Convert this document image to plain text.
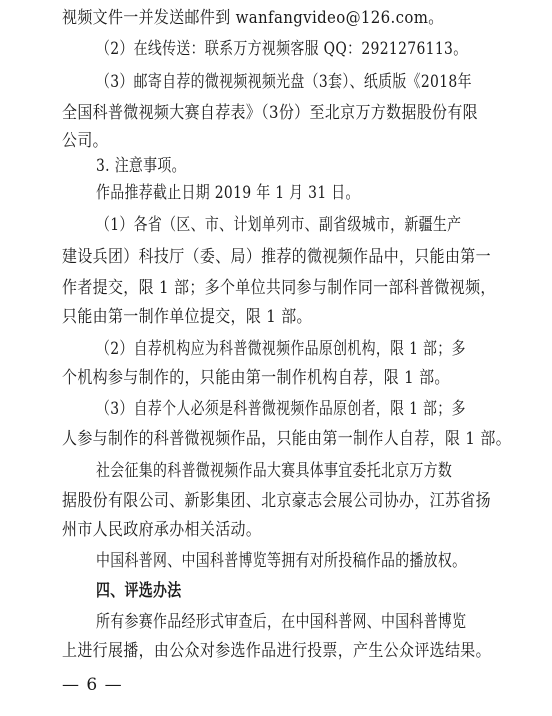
视频文件一并发送邮件到 wanfangvideo@126.com。
（2）在线传送：联系万方视频客服 QQ：2921276113。
（3）邮寄自荐的微视频视频光盘（3套）、纸质版《2018年
全国科普微视频大赛自荐表》（3份）至北京万方数据股份有限
公司。
3. 注意事项。
作品推荐截止日期 2019 年 1 月 31 日。
（1）各省（区、市、计划单列市、副省级城市，新疆生产
建设兵团）科技厅（委、局）推荐的微视频作品中，只能由第一
作者提交，限 1 部；多个单位共同参与制作同一部科普微视频，
只能由第一制作单位提交，限 1 部。
（2）自荐机构应为科普微视频作品原创机构，限 1 部；多
个机构参与制作的，只能由第一制作机构自荐，限 1 部。
（3）自荐个人必须是科普微视频作品原创者，限 1 部；多
人参与制作的科普微视频作品，只能由第一制作人自荐，限 1 部。
社会征集的科普微视频作品大赛具体事宜委托北京万方数
据股份有限公司、新影集团、北京豪志会展公司协办，江苏省扬
州市人民政府承办相关活动。
中国科普网、中国科普博览等拥有对所投稿作品的播放权。
四、评选办法
所有参赛作品经形式审查后，在中国科普网、中国科普博览
上进行展播，由公众对参选作品进行投票，产生公众评选结果。
— 6 —
